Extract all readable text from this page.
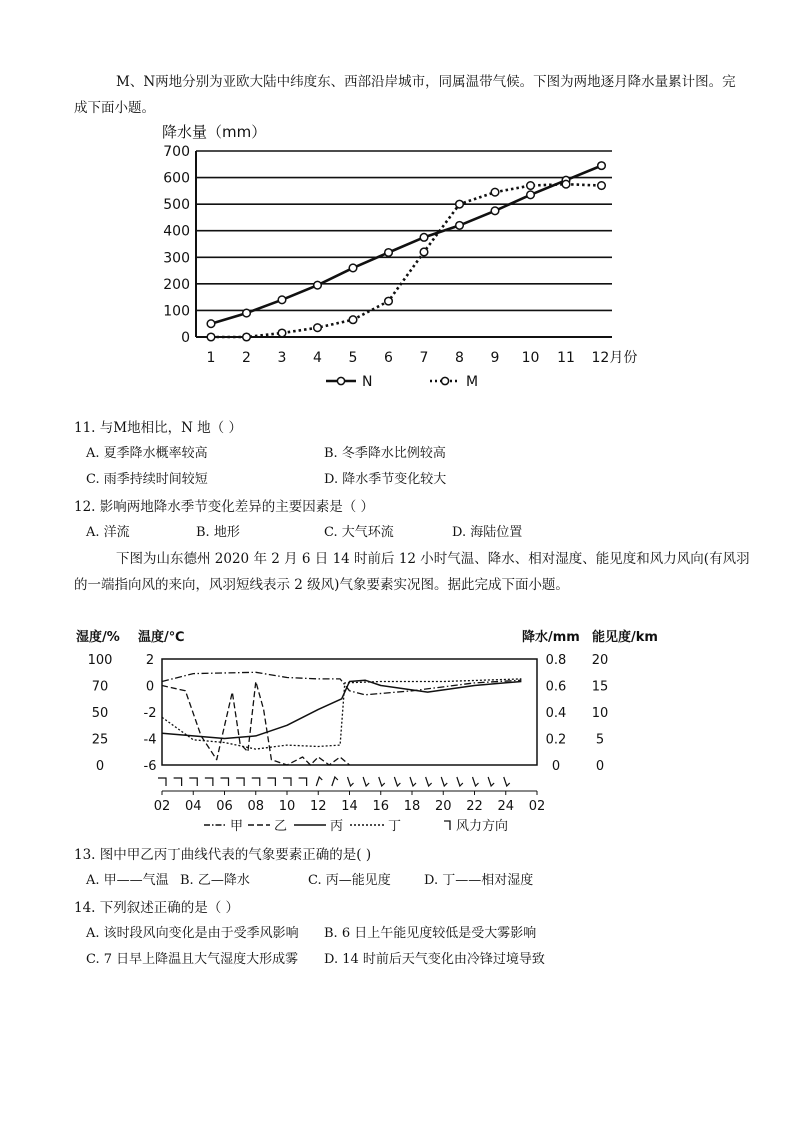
M、N两地分别为亚欧大陆中纬度东、西部沿岸城市，同属温带气候。下图为两地逐月降水量累计图。完
成下面小题。
降水量（mm）
700
600
500
400
300
200
100
0
1 2 3 4 5 6 7 8 9 10 11 12月份
N	M
11. 与M地相比，N 地（ ）
A. 夏季降水概率较高	B. 冬季降水比例较高
C. 雨季持续时间较短	D. 降水季节变化较大
12. 影响两地降水季节变化差异的主要因素是（ ）
A. 洋流	B. 地形	C. 大气环流	D. 海陆位置
下图为山东德州 2020 年 2 月 6 日 14 时前后 12 小时气温、降水、相对湿度、能见度和风力风向(有风羽
的一端指向风的来向，风羽短线表示 2 级风)气象要素实况图。据此完成下面小题。
湿度/% 温度/℃	降水/mm 能见度/km
100
70
50
25
0
2
0
-2
-4
-6
0.8
0.6
0.4
0.2
0
20
15
10
5
0
02 04 06 08 10 12 14 16 18 20 22 24 02
甲 乙	丙	丁	风力方向
13. 图中甲乙丙丁曲线代表的气象要素正确的是( )
A. 甲——气温 B. 乙—降水	C. 丙—能见度	D. 丁——相对湿度
14. 下列叙述正确的是（ ）
A. 该时段风向变化是由于受季风影响 B. 6 日上午能见度较低是受大雾影响
C. 7 日早上降温且大气湿度大形成雾 D. 14 时前后天气变化由冷锋过境导致
